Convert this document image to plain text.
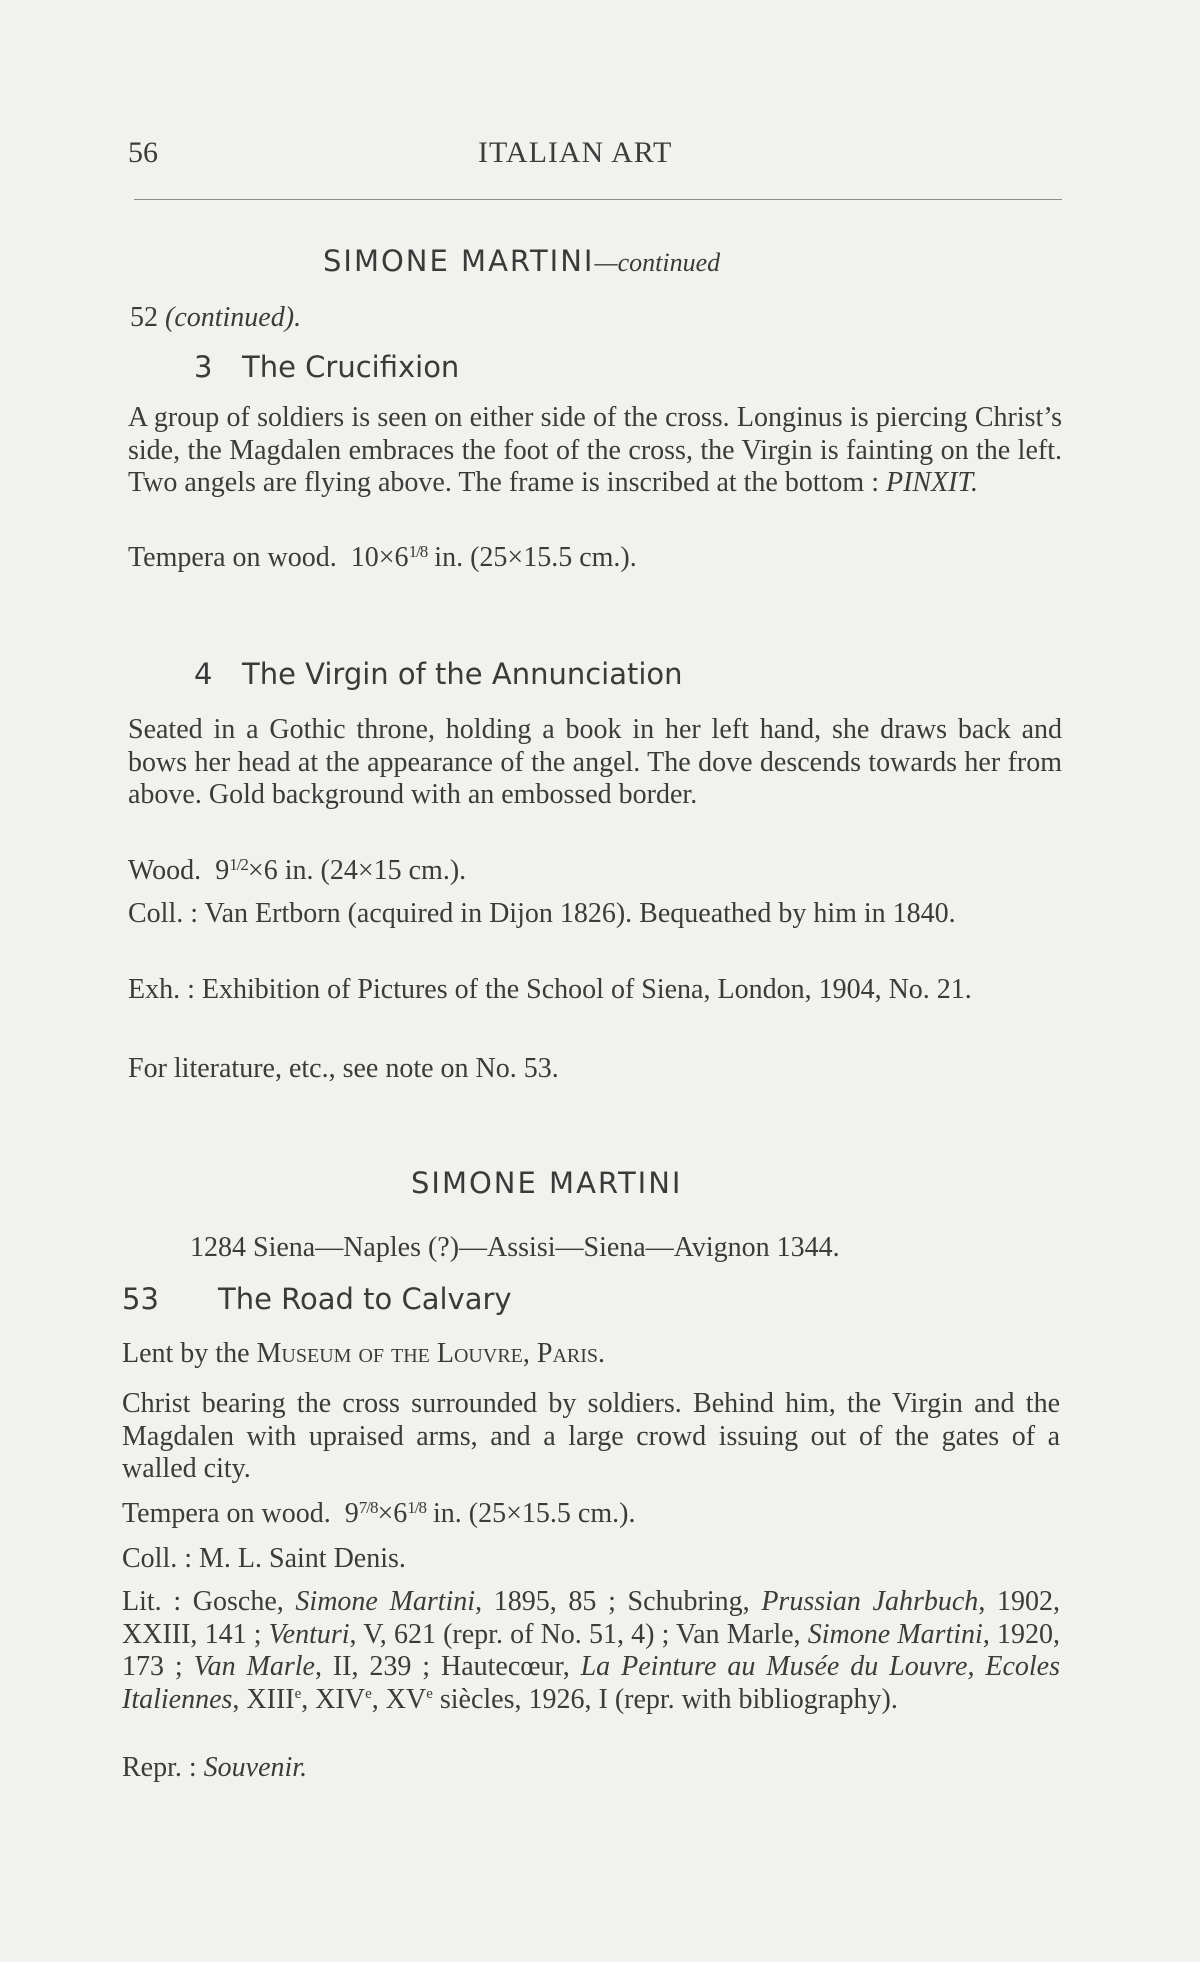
56	ITALIAN ART
SIMONE MARTINI—continued
52 (continued).
3 The Crucifixion
A group of soldiers is seen on either side of the cross. Longinus is piercing Christ’s side, the Magdalen embraces the foot of the cross, the Virgin is fainting on the left. Two angels are flying above. The frame is inscribed at the bottom : PINXIT.
Tempera on wood. $10\times 6^{1/8}$ in. (25×15.5 cm.).
4 The Virgin of the Annunciation
Seated in a Gothic throne, holding a book in her left hand, she draws back and bows her head at the appearance of the angel. The dove descends towards her from above. Gold background with an embossed border.
Wood. $9^{1/2}\times 6$ in. (24×15 cm.).
Coll. : Van Ertborn (acquired in Dijon 1826). Bequeathed by him in 1840.
Exh. : Exhibition of Pictures of the School of Siena, London, 1904, No. 21.
For literature, etc., see note on No. 53.
SIMONE MARTINI
1284 Siena—Naples (?)—Assisi—Siena—Avignon 1344.
53 The Road to Calvary
Lent by the Museum of the Louvre, Paris.
Christ bearing the cross surrounded by soldiers. Behind him, the Virgin and the Magdalen with upraised arms, and a large crowd issuing out of the gates of a walled city.
Tempera on wood. $9^{7/8}\times 6^{1/8}$ in. (25×15.5 cm.).
Coll. : M. L. Saint Denis.
Lit. : Gosche, Simone Martini, 1895, 85 ; Schubring, Prussian Jahrbuch, 1902, XXIII, 141 ; Venturi, V, 621 (repr. of No. 51, 4) ; Van Marle, Simone Martini, 1920, 173 ; Van Marle, II, 239 ; Hautecœur, La Peinture au Musée du Louvre, Ecoles Italiennes, XIIIe, XIVe, XVe siècles, 1926, I (repr. with bibliography).
Repr. : Souvenir.
